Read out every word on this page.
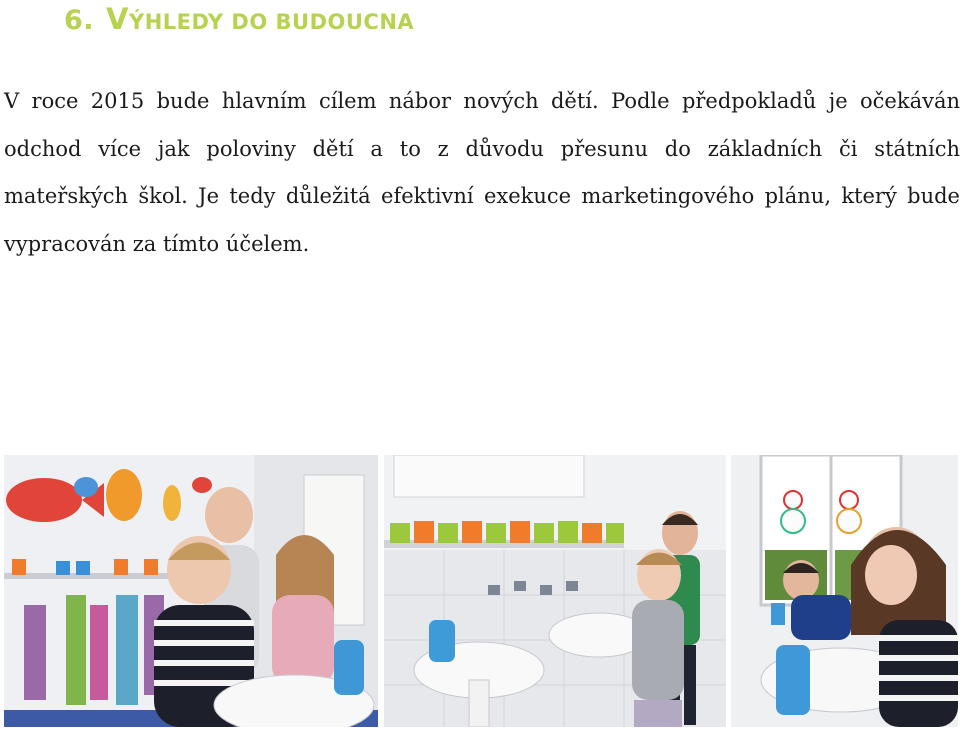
6. VÝHLEDY DO BUDOUCNA
V roce 2015 bude hlavním cílem nábor nových dětí. Podle předpokladů je očekáván
odchod více jak poloviny dětí a to z důvodu přesunu do základních či státních
mateřských škol. Je tedy důležitá efektivní exekuce marketingového plánu, který bude
vypracován za tímto účelem.
